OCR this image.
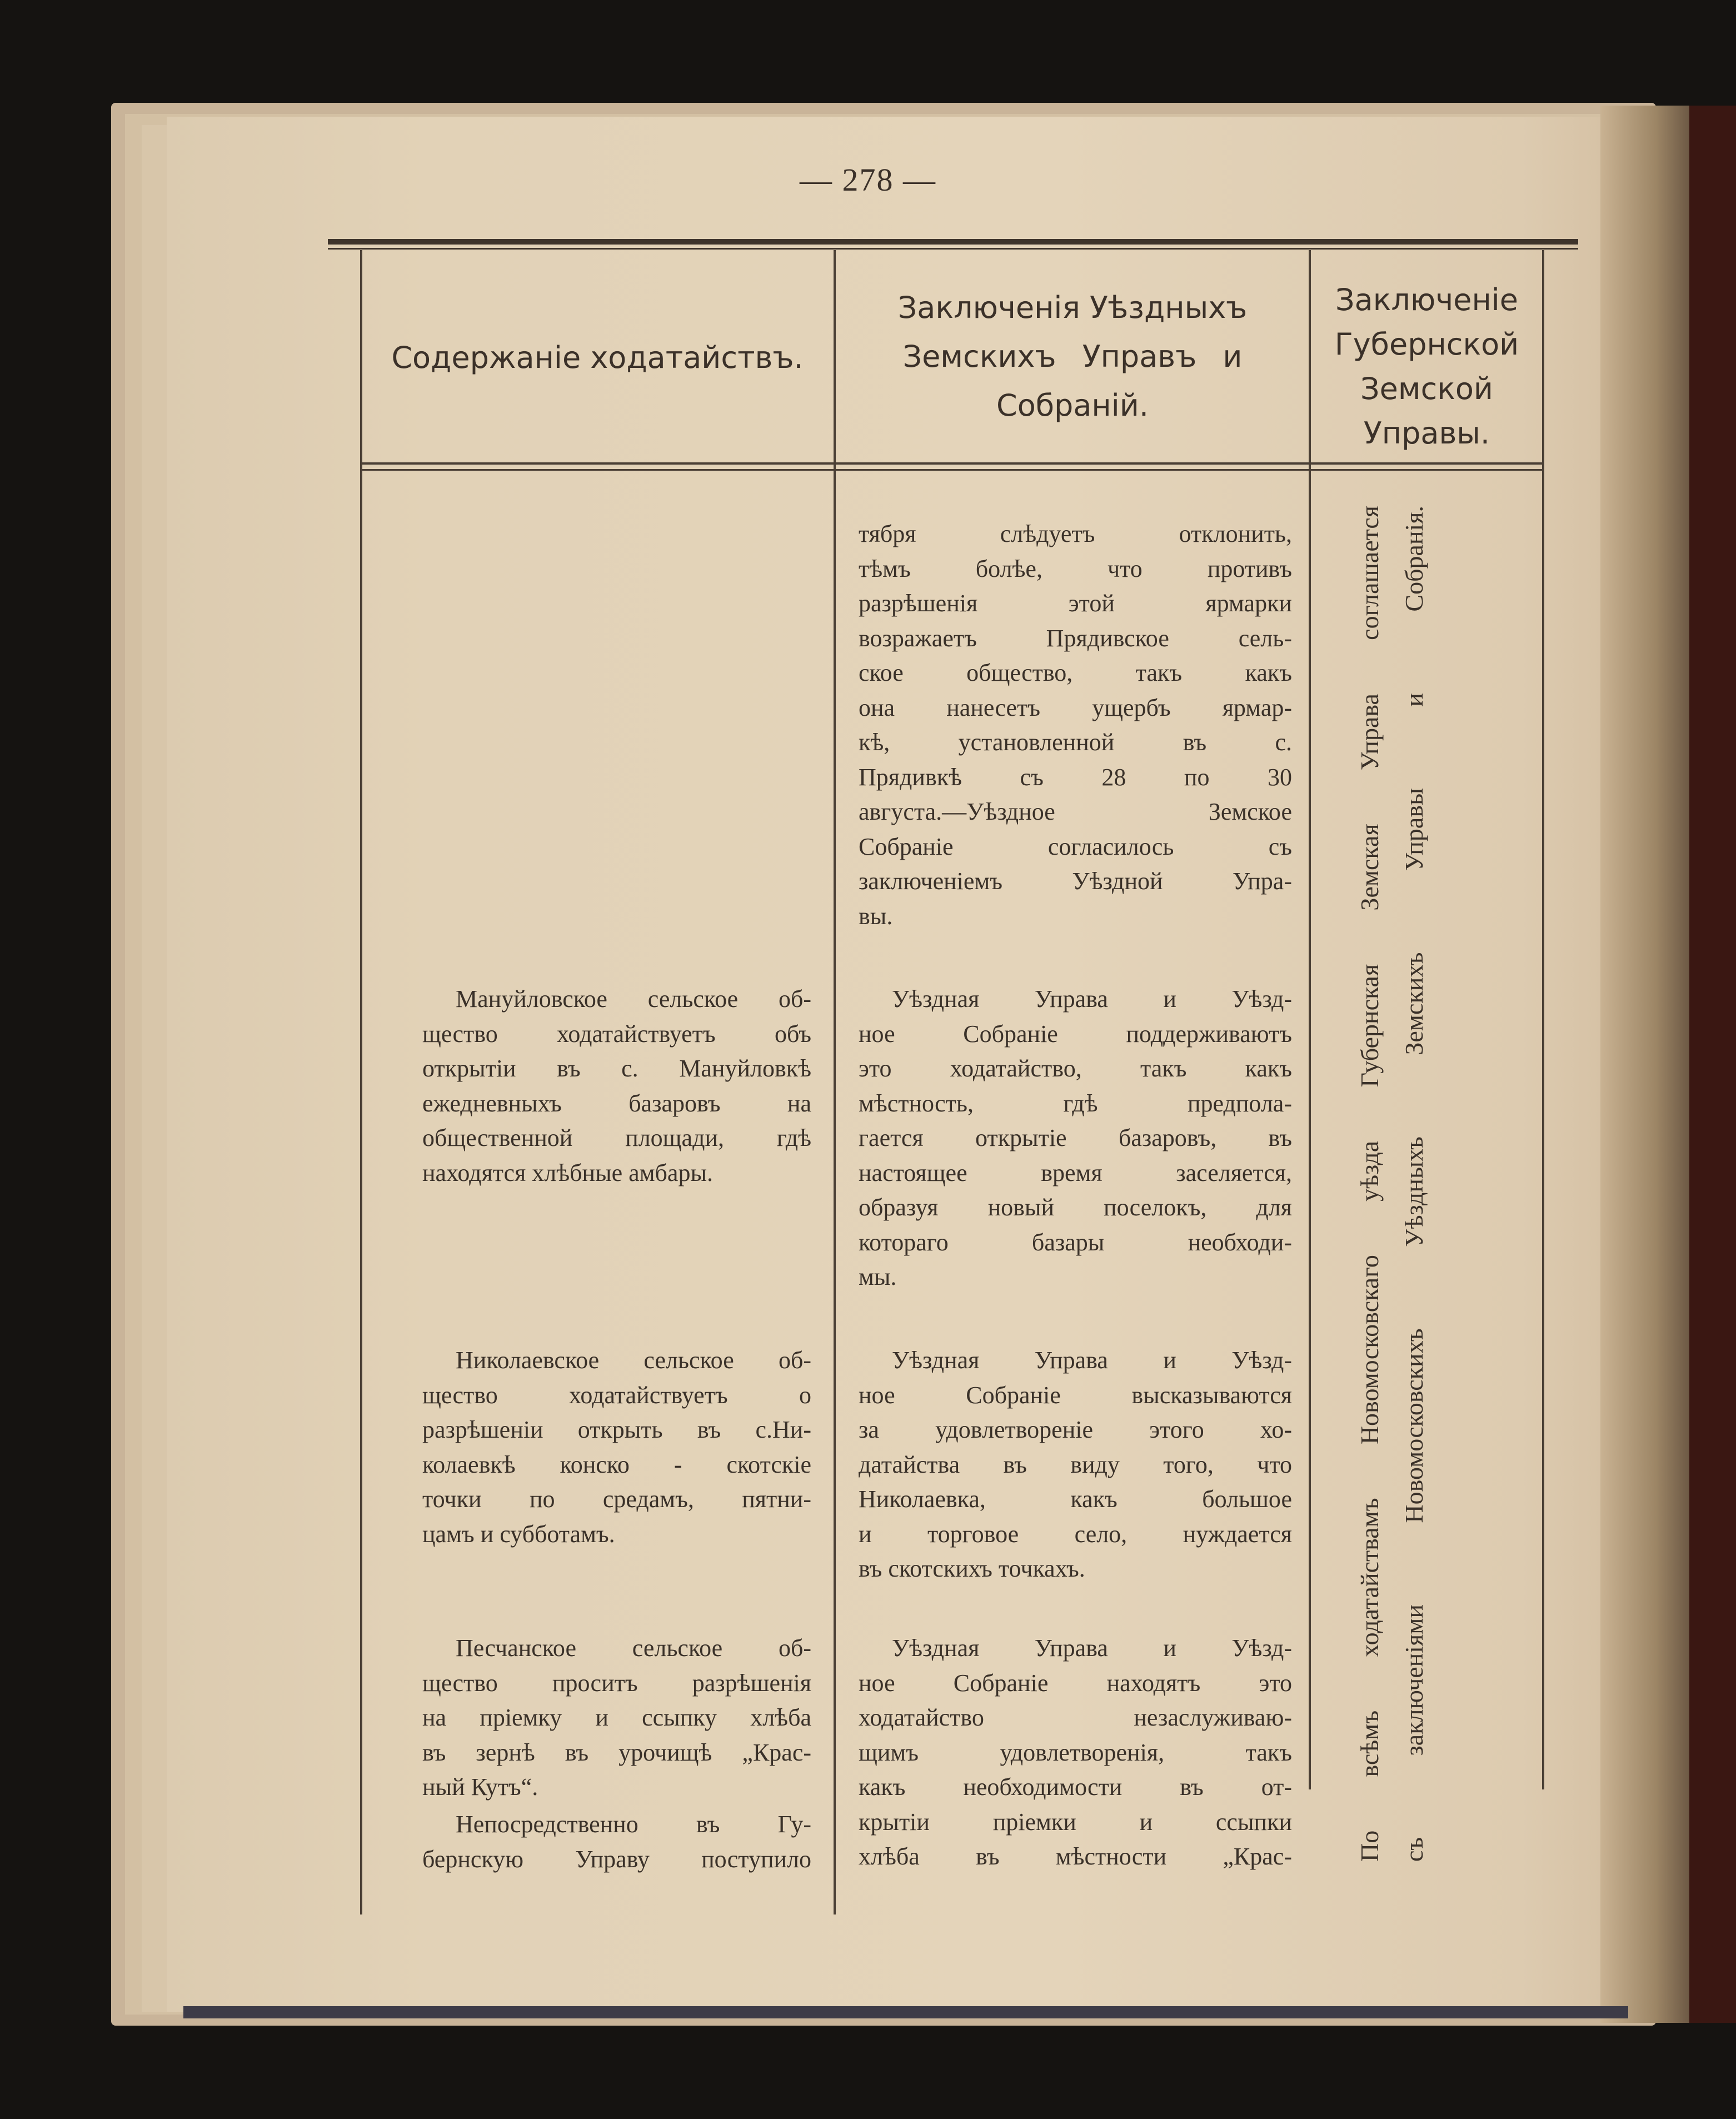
— 278 —
Содержаніе ходатайствъ.
Заключенія Уѣздныхъ
Земскихъ Управъ и
Собраній.
Заключеніе
Губернской
Земской
Управы.
тября слѣдуетъ отклонить,
тѣмъ болѣе, что противъ
разрѣшенія этой ярмарки
возражаетъ Прядивское сель-
ское общество, такъ какъ
она нанесетъ ущербъ ярмар-
кѣ, установленной въ с.
Прядивкѣ съ 28 по 30
августа.—Уѣздное Земское
Собраніе согласилось съ
заключеніемъ Уѣздной Упра-
вы.
Мануйловское сельское об-
щество ходатайствуетъ объ
открытіи въ с. Мануйловкѣ
ежедневныхъ базаровъ на
общественной площади, гдѣ
находятся хлѣбные амбары.
Уѣздная Управа и Уѣзд-
ное Собраніе поддерживаютъ
это ходатайство, такъ какъ
мѣстность, гдѣ предпола-
гается открытіе базаровъ, въ
настоящее время заселяется,
образуя новый поселокъ, для
котораго базары необходи-
мы.
Николаевское сельское об-
щество ходатайствуетъ о
разрѣшеніи открыть въ с.Ни-
колаевкѣ конско - скотскіе
точки по средамъ, пятни-
цамъ и субботамъ.
Уѣздная Управа и Уѣзд-
ное Собраніе высказываются
за удовлетвореніе этого хо-
датайства въ виду того, что
Николаевка, какъ большое
и торговое село, нуждается
въ скотскихъ точкахъ.
Песчанское сельское об-
щество проситъ разрѣшенія
на пріемку и ссыпку хлѣба
въ зернѣ въ урочищѣ „Крас-
ный Кутъ“.
Уѣздная Управа и Уѣзд-
ное Собраніе находятъ это
ходатайство незаслуживаю-
щимъ удовлетворенія, такъ
какъ необходимости въ от-
крытіи пріемки и ссыпки
хлѣба въ мѣстности „Крас-
Непосредственно въ Гу-
бернскую Управу поступило	По всѣмъ ходатайствамъ Новомосковскаго уѣзда Губернская Земская Управа соглашается съ заключеніями Новомосковскихъ Уѣздныхъ Земскихъ Управы и Собранія.
